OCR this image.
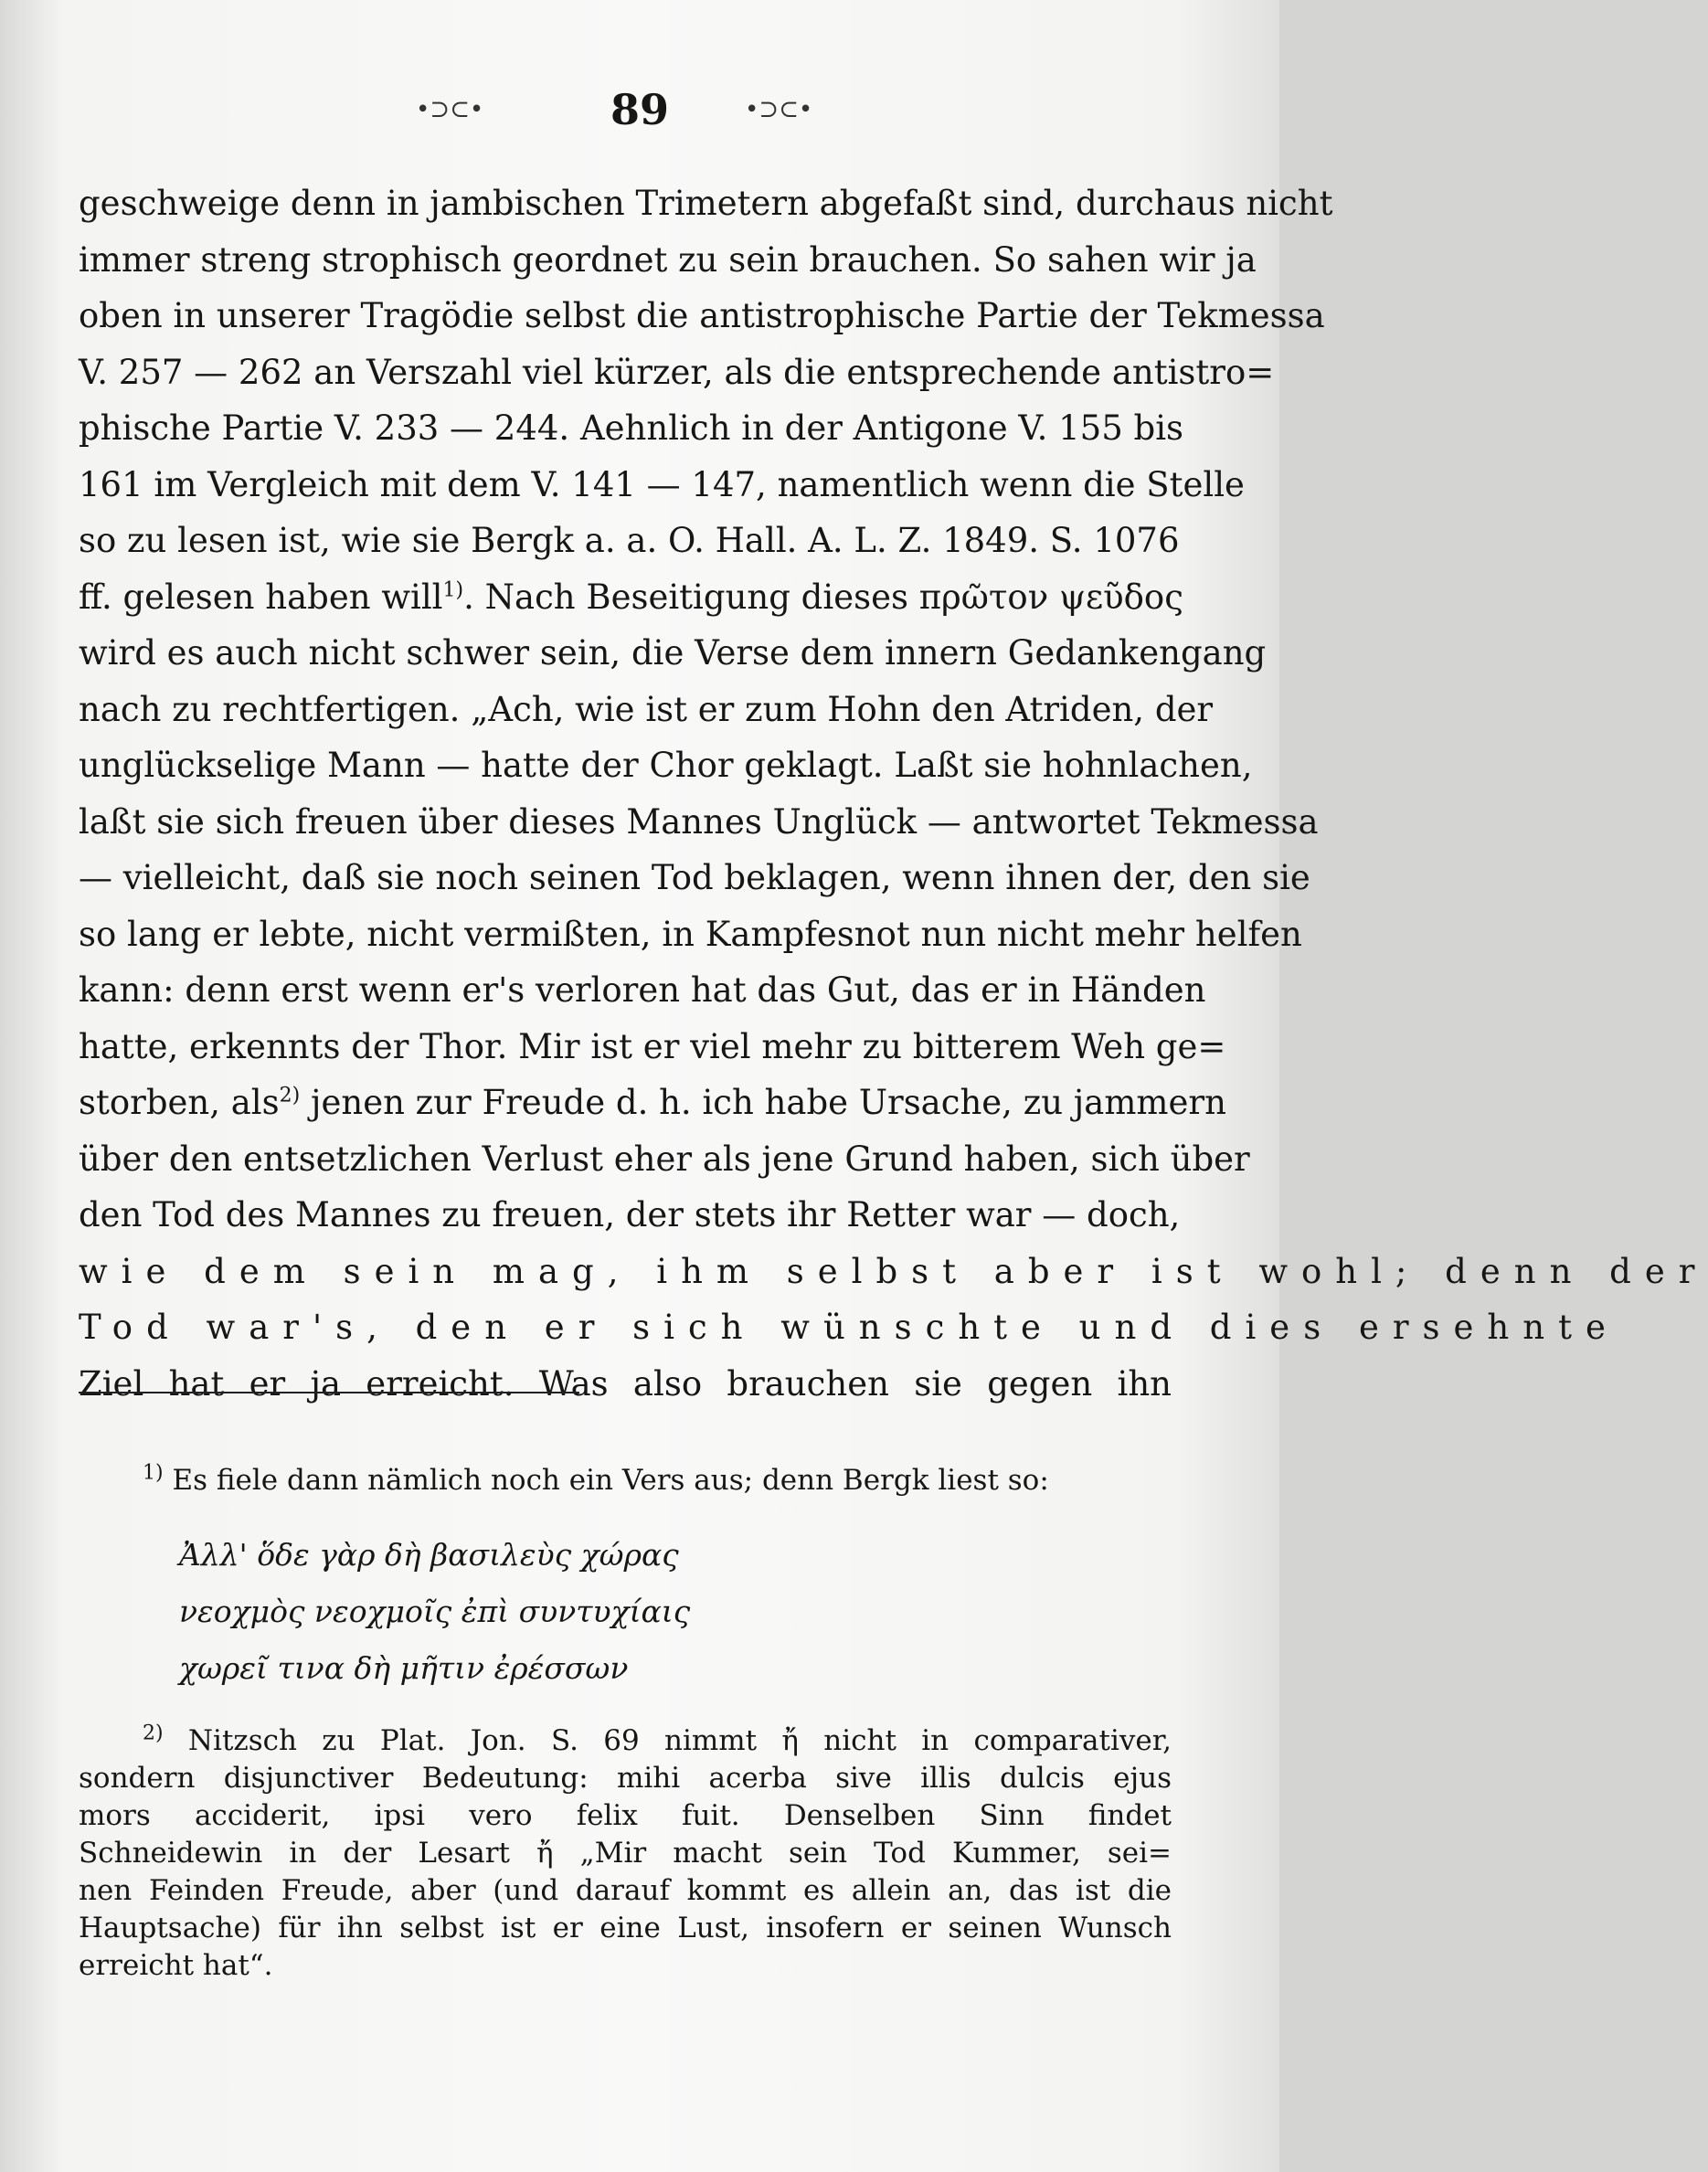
•⊃⊂•	89	•⊃⊂•
geschweige denn in jambischen Trimetern abgefaßt sind, durchaus nicht
immer streng strophisch geordnet zu sein brauchen. So sahen wir ja
oben in unserer Tragödie selbst die antistrophische Partie der Tekmessa
V. 257 — 262 an Verszahl viel kürzer, als die entsprechende antistro=
phische Partie V. 233 — 244. Aehnlich in der Antigone V. 155 bis
161 im Vergleich mit dem V. 141 — 147, namentlich wenn die Stelle
so zu lesen ist, wie sie Bergk a. a. O. Hall. A. L. Z. 1849. S. 1076
ff. gelesen haben will$^{1)}$. Nach Beseitigung dieses πρῶτον ψεῦδος
wird es auch nicht schwer sein, die Verse dem innern Gedankengang
nach zu rechtfertigen. „Ach, wie ist er zum Hohn den Atriden, der
unglückselige Mann — hatte der Chor geklagt. Laßt sie hohnlachen,
laßt sie sich freuen über dieses Mannes Unglück — antwortet Tekmessa
— vielleicht, daß sie noch seinen Tod beklagen, wenn ihnen der, den sie
so lang er lebte, nicht vermißten, in Kampfesnot nun nicht mehr helfen
kann: denn erst wenn er's verloren hat das Gut, das er in Händen
hatte, erkennts der Thor. Mir ist er viel mehr zu bitterem Weh ge=
storben, als$^{2)}$ jenen zur Freude d. h. ich habe Ursache, zu jammern
über den entsetzlichen Verlust eher als jene Grund haben, sich über
den Tod des Mannes zu freuen, der stets ihr Retter war — doch,
wie dem sein mag, ihm selbst aber ist wohl; denn der
Tod war's, den er sich wünschte und dies ersehnte
Ziel hat er ja erreicht. Was also brauchen sie gegen ihn
$^{1)}$ Es fiele dann nämlich noch ein Vers aus; denn Bergk liest so:
Ἀλλ' ὅδε γὰρ δὴ βασιλεὺς χώρας
νεοχμὸς νεοχμοῖς ἐπὶ συντυχίαις
χωρεῖ τινα δὴ μῆτιν ἐρέσσων
$^{2)}$ Nitzsch zu Plat. Jon. S. 69 nimmt ἤ nicht in comparativer,
sondern disjunctiver Bedeutung: mihi acerba sive illis dulcis ejus
mors acciderit, ipsi vero felix fuit. Denselben Sinn findet
Schneidewin in der Lesart ἤ „Mir macht sein Tod Kummer, sei=
nen Feinden Freude, aber (und darauf kommt es allein an, das ist die
Hauptsache) für ihn selbst ist er eine Lust, insofern er seinen Wunsch
erreicht hat“.
